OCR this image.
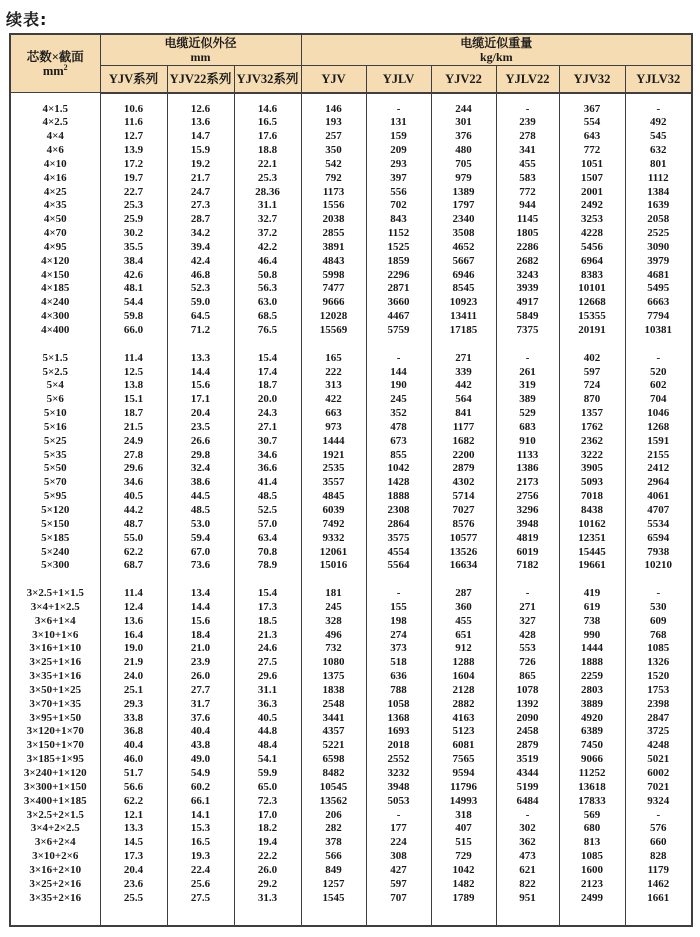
续表:
芯数×截面
$mm^2$	电缆近似外径
mm			电缆近似重量
kg/km					
	YJV系列	YJV22系列	YJV32系列	YJV	YJLV	YJV22	YJLV22	YJV32	YJLV32

4×1.5	10.6	12.6	14.6	146	-	244	-	367	-
4×2.5	11.6	13.6	16.5	193	131	301	239	554	492
4×4	12.7	14.7	17.6	257	159	376	278	643	545
4×6	13.9	15.9	18.8	350	209	480	341	772	632
4×10	17.2	19.2	22.1	542	293	705	455	1051	801
4×16	19.7	21.7	25.3	792	397	979	583	1507	1112
4×25	22.7	24.7	28.36	1173	556	1389	772	2001	1384
4×35	25.3	27.3	31.1	1556	702	1797	944	2492	1639
4×50	25.9	28.7	32.7	2038	843	2340	1145	3253	2058
4×70	30.2	34.2	37.2	2855	1152	3508	1805	4228	2525
4×95	35.5	39.4	42.2	3891	1525	4652	2286	5456	3090
4×120	38.4	42.4	46.4	4843	1859	5667	2682	6964	3979
4×150	42.6	46.8	50.8	5998	2296	6946	3243	8383	4681
4×185	48.1	52.3	56.3	7477	2871	8545	3939	10101	5495
4×240	54.4	59.0	63.0	9666	3660	10923	4917	12668	6663
4×300	59.8	64.5	68.5	12028	4467	13411	5849	15355	7794
4×400	66.0	71.2	76.5	15569	5759	17185	7375	20191	10381

5×1.5	11.4	13.3	15.4	165	-	271	-	402	-
5×2.5	12.5	14.4	17.4	222	144	339	261	597	520
5×4	13.8	15.6	18.7	313	190	442	319	724	602
5×6	15.1	17.1	20.0	422	245	564	389	870	704
5×10	18.7	20.4	24.3	663	352	841	529	1357	1046
5×16	21.5	23.5	27.1	973	478	1177	683	1762	1268
5×25	24.9	26.6	30.7	1444	673	1682	910	2362	1591
5×35	27.8	29.8	34.6	1921	855	2200	1133	3222	2155
5×50	29.6	32.4	36.6	2535	1042	2879	1386	3905	2412
5×70	34.6	38.6	41.4	3557	1428	4302	2173	5093	2964
5×95	40.5	44.5	48.5	4845	1888	5714	2756	7018	4061
5×120	44.2	48.5	52.5	6039	2308	7027	3296	8438	4707
5×150	48.7	53.0	57.0	7492	2864	8576	3948	10162	5534
5×185	55.0	59.4	63.4	9332	3575	10577	4819	12351	6594
5×240	62.2	67.0	70.8	12061	4554	13526	6019	15445	7938
5×300	68.7	73.6	78.9	15016	5564	16634	7182	19661	10210

3×2.5+1×1.5	11.4	13.4	15.4	181	-	287	-	419	-
3×4+1×2.5	12.4	14.4	17.3	245	155	360	271	619	530
3×6+1×4	13.6	15.6	18.5	328	198	455	327	738	609
3×10+1×6	16.4	18.4	21.3	496	274	651	428	990	768
3×16+1×10	19.0	21.0	24.6	732	373	912	553	1444	1085
3×25+1×16	21.9	23.9	27.5	1080	518	1288	726	1888	1326
3×35+1×16	24.0	26.0	29.6	1375	636	1604	865	2259	1520
3×50+1×25	25.1	27.7	31.1	1838	788	2128	1078	2803	1753
3×70+1×35	29.3	31.7	36.3	2548	1058	2882	1392	3889	2398
3×95+1×50	33.8	37.6	40.5	3441	1368	4163	2090	4920	2847
3×120+1×70	36.8	40.4	44.8	4357	1693	5123	2458	6389	3725
3×150+1×70	40.4	43.8	48.4	5221	2018	6081	2879	7450	4248
3×185+1×95	46.0	49.0	54.1	6598	2552	7565	3519	9066	5021
3×240+1×120	51.7	54.9	59.9	8482	3232	9594	4344	11252	6002
3×300+1×150	56.6	60.2	65.0	10545	3948	11796	5199	13618	7021
3×400+1×185	62.2	66.1	72.3	13562	5053	14993	6484	17833	9324
3×2.5+2×1.5	12.1	14.1	17.0	206	-	318	-	569	-
3×4+2×2.5	13.3	15.3	18.2	282	177	407	302	680	576
3×6+2×4	14.5	16.5	19.4	378	224	515	362	813	660
3×10+2×6	17.3	19.3	22.2	566	308	729	473	1085	828
3×16+2×10	20.4	22.4	26.0	849	427	1042	621	1600	1179
3×25+2×16	23.6	25.6	29.2	1257	597	1482	822	2123	1462
3×35+2×16	25.5	27.5	31.3	1545	707	1789	951	2499	1661
